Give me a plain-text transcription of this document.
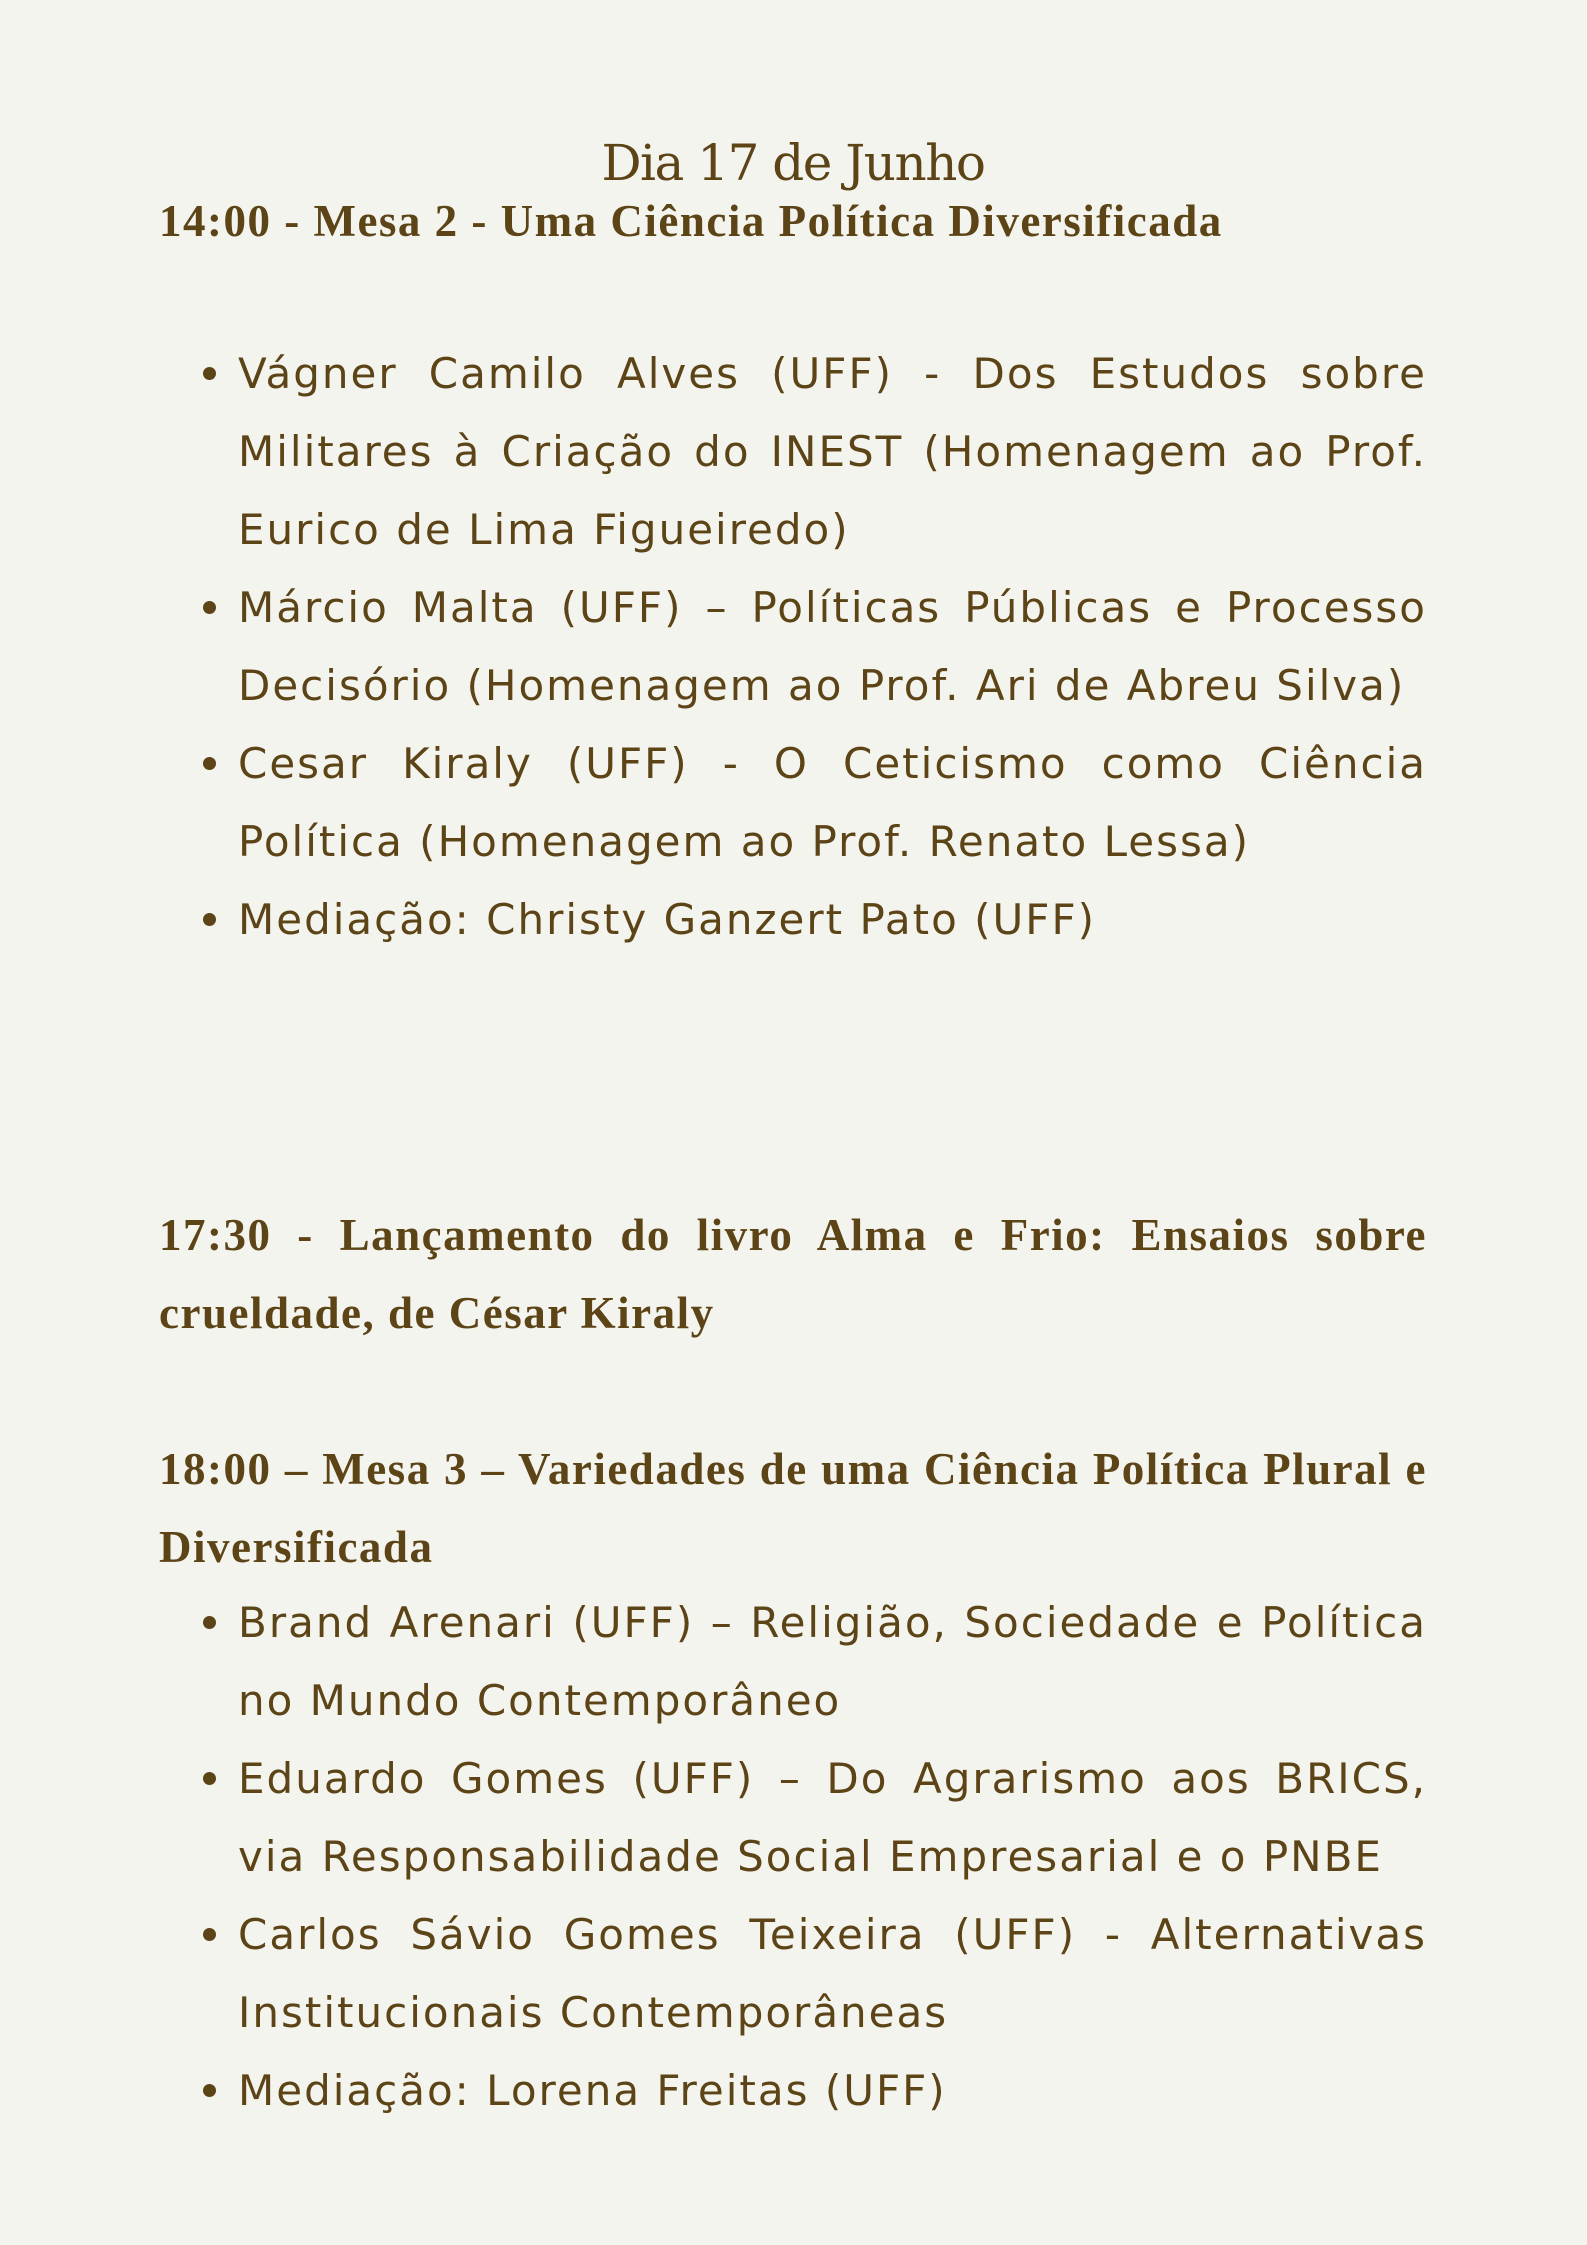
Dia 17 de Junho
14:00 - Mesa 2 - Uma Ciência Política Diversificada
Vágner Camilo Alves (UFF) - Dos Estudos sobre Militares à Criação do INEST (Homenagem ao Prof. Eurico de Lima Figueiredo)
Márcio Malta (UFF) – Políticas Públicas e Processo Decisório (Homenagem ao Prof. Ari de Abreu Silva)
Cesar Kiraly (UFF) - O Ceticismo como Ciência Política (Homenagem ao Prof. Renato Lessa)
Mediação: Christy Ganzert Pato (UFF)
17:30 - Lançamento do livro Alma e Frio: Ensaios sobre crueldade, de César Kiraly
18:00 – Mesa 3 – Variedades de uma Ciência Política Plural e Diversificada
Brand Arenari (UFF) – Religião, Sociedade e Política no Mundo Contemporâneo
Eduardo Gomes (UFF) – Do Agrarismo aos BRICS, via Responsabilidade Social Empresarial e o PNBE
Carlos Sávio Gomes Teixeira (UFF) - Alternativas Institucionais Contemporâneas
Mediação: Lorena Freitas (UFF)
